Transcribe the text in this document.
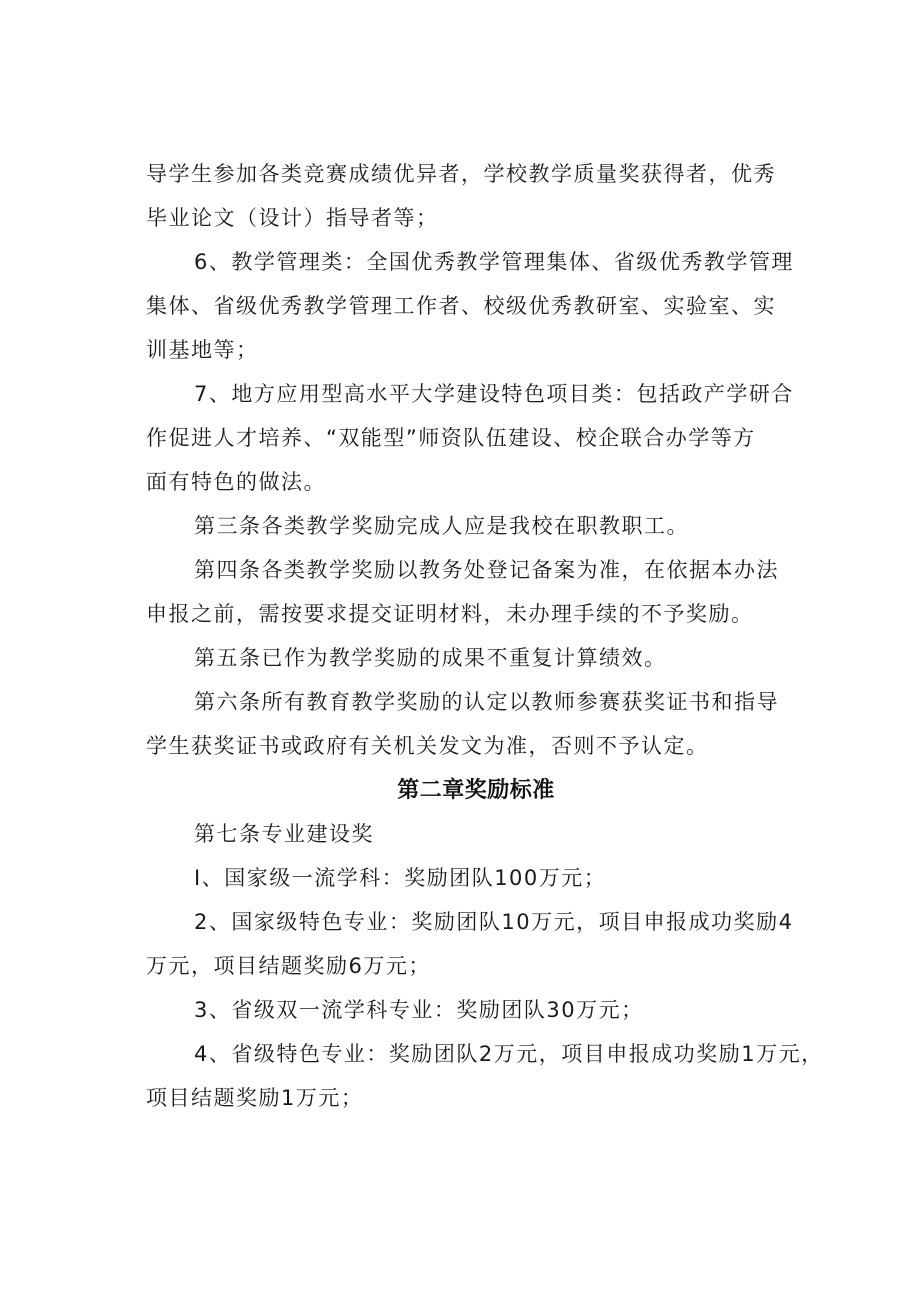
导学生参加各类竞赛成绩优异者，学校教学质量奖获得者，优秀
毕业论文（设计）指导者等；
6、教学管理类：全国优秀教学管理集体、省级优秀教学管理
集体、省级优秀教学管理工作者、校级优秀教研室、实验室、实
训基地等；
7、地方应用型高水平大学建设特色项目类：包括政产学研合
作促进人才培养、“双能型”师资队伍建设、校企联合办学等方
面有特色的做法。
第三条各类教学奖励完成人应是我校在职教职工。
第四条各类教学奖励以教务处登记备案为准，在依据本办法
申报之前，需按要求提交证明材料，未办理手续的不予奖励。
第五条已作为教学奖励的成果不重复计算绩效。
第六条所有教育教学奖励的认定以教师参赛获奖证书和指导
学生获奖证书或政府有关机关发文为准，否则不予认定。
第二章奖励标准
第七条专业建设奖
I、国家级一流学科：奖励团队100万元；
2、国家级特色专业：奖励团队10万元，项目申报成功奖励4
万元，项目结题奖励6万元；
3、省级双一流学科专业：奖励团队30万元；
4、省级特色专业：奖励团队2万元，项目申报成功奖励1万元，
项目结题奖励1万元；
